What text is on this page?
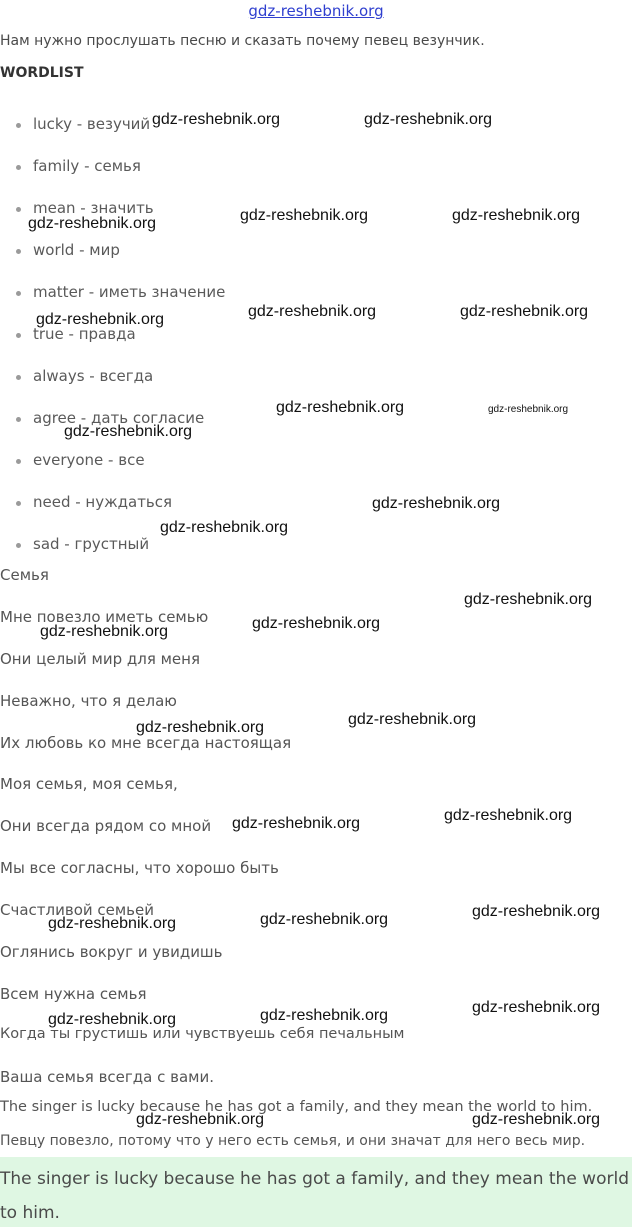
gdz-reshebnik.org
Нам нужно прослушать песню и сказать почему певец везунчик.
WORDLIST
lucky - везучий
family - семья
mean - значить
world - мир
matter - иметь значение
true - правда
always - всегда
agree - дать согласие
everyone - все
need - нуждаться
sad - грустный
Семья
Мне повезло иметь семью
Они целый мир для меня
Неважно, что я делаю
Их любовь ко мне всегда настоящая
Моя семья, моя семья,
Они всегда рядом со мной
Мы все согласны, что хорошо быть
Счастливой семьей
Оглянись вокруг и увидишь
Всем нужна семья
Когда ты грустишь или чувствуешь себя печальным
Ваша семья всегда с вами.
The singer is lucky because he has got a family, and they mean the world to him.
Певцу повезло, потому что у него есть семья, и они значат для него весь мир.
The singer is lucky because he has got a family, and they mean the world to him.
gdz-reshebnik.org	gdz-reshebnik.org
gdz-reshebnik.org	gdz-reshebnik.org	gdz-reshebnik.org
gdz-reshebnik.org	gdz-reshebnik.org	gdz-reshebnik.org
gdz-reshebnik.org	gdz-reshebnik.org
gdz-reshebnik.org
gdz-reshebnik.org
gdz-reshebnik.org
gdz-reshebnik.org
gdz-reshebnik.org
gdz-reshebnik.org
gdz-reshebnik.org
gdz-reshebnik.org
gdz-reshebnik.org
gdz-reshebnik.org
gdz-reshebnik.org
gdz-reshebnik.org
gdz-reshebnik.org
gdz-reshebnik.org
gdz-reshebnik.org
gdz-reshebnik.org
gdz-reshebnik.org	gdz-reshebnik.org
